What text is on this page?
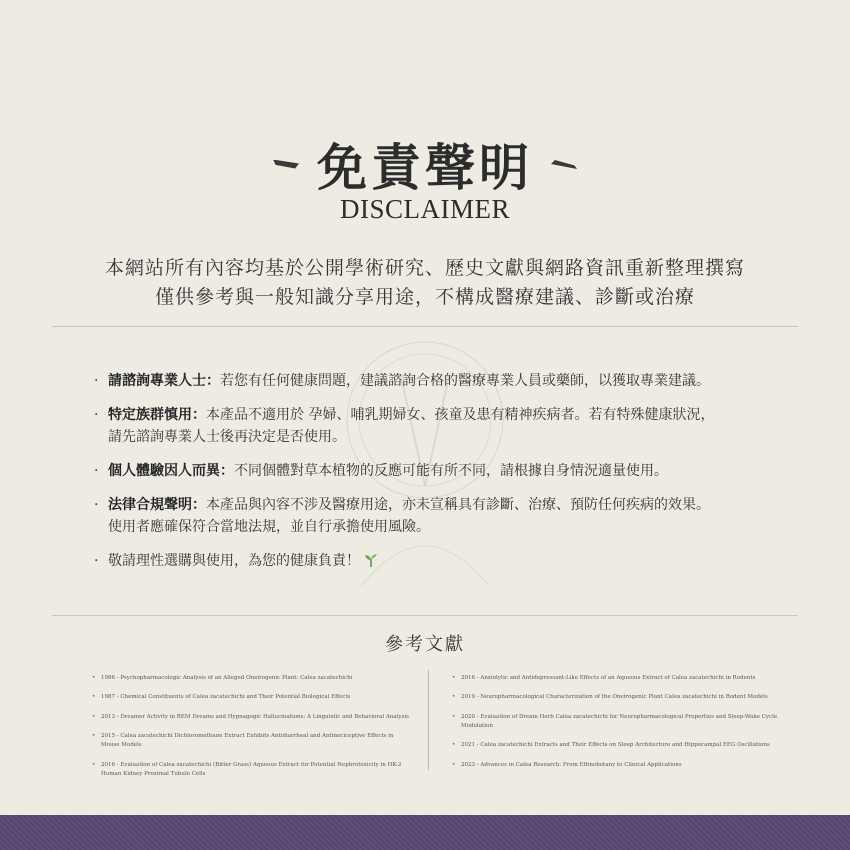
免責聲明
DISCLAIMER
本網站所有內容均基於公開學術研究、歷史文獻與網路資訊重新整理撰寫
僅供參考與一般知識分享用途，不構成醫療建議、診斷或治療
· 請諮詢專業人士：若您有任何健康問題，建議諮詢合格的醫療專業人員或藥師，以獲取專業建議。
· 特定族群慎用：本產品不適用於 孕婦、哺乳期婦女、孩童及患有精神疾病者。若有特殊健康狀況，
請先諮詢專業人士後再決定是否使用。
· 個人體驗因人而異：不同個體對草本植物的反應可能有所不同，請根據自身情況適量使用。
· 法律合規聲明：本產品與內容不涉及醫療用途，亦未宣稱具有診斷、治療、預防任何疾病的效果。
使用者應確保符合當地法規，並自行承擔使用風險。
· 敬請理性選購與使用，為您的健康負責！
參考文獻
• 1986 - Psychopharmacologic Analysis of an Alleged Oneirogenic Plant: Calea zacatechichi
• 1987 - Chemical Constituents of Calea zacatechichi and Their Potential Biological Effects
• 2013 - Dreamer Activity in REM Dreams and Hypnagogic Hallucinations: A Linguistic and Behavioral Analysis
• 2015 - Calea zacatechichi Dichloromethane Extract Exhibits Antidiarrheal and Antinociceptive Effects in Mouse Models
• 2016 - Evaluation of Calea zacatechichi (Bitter Grass) Aqueous Extract for Potential Nephrotoxicity in HK-2 Human Kidney Proximal Tubule Cells
• 2016 - Anxiolytic and Antidepressant-Like Effects of an Aqueous Extract of Calea zacatechichi in Rodents
• 2019 - Neuropharmacological Characterization of the Oneirogenic Plant Calea zacatechichi in Rodent Models
• 2020 - Evaluation of Dream Herb Calea zacatechichi for Neuropharmacological Properties and Sleep-Wake Cycle Modulation
• 2021 - Calea zacatechichi Extracts and Their Effects on Sleep Architecture and Hippocampal EEG Oscillations
• 2023 - Advances in Calea Research: From Ethnobotany to Clinical Applications
